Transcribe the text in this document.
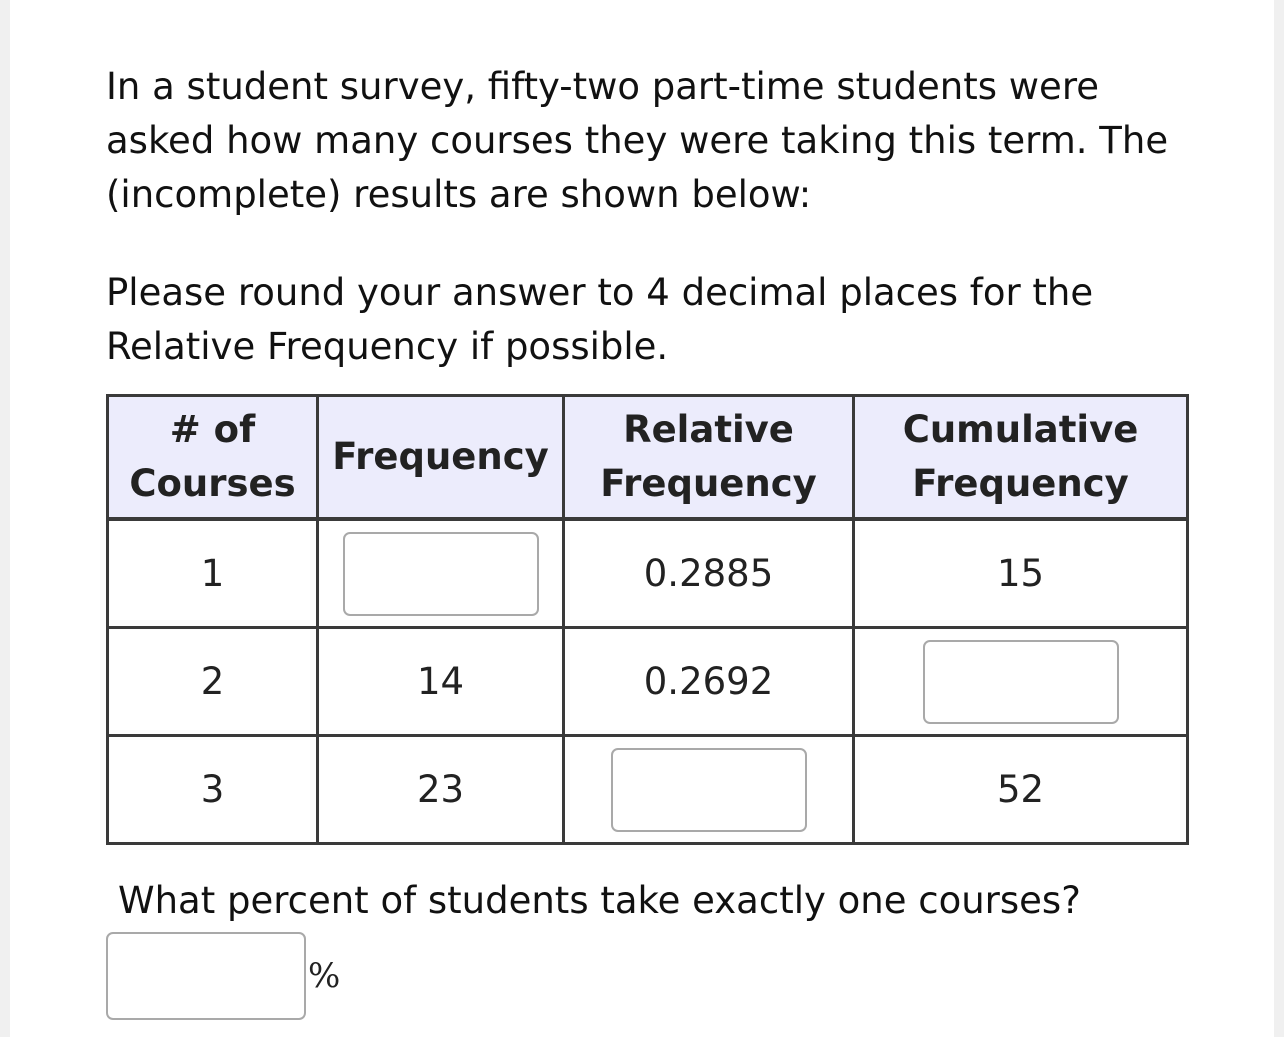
In a student survey, fifty-two part-time students were asked how many courses they were taking this term. The (incomplete) results are shown below:

Please round your answer to 4 decimal places for the Relative Frequency if possible.

# of Courses	Frequency	Relative Frequency	Cumulative Frequency
1		0.2885	15
2	14	0.2692	
3	23		52

What percent of students take exactly one courses?

%
